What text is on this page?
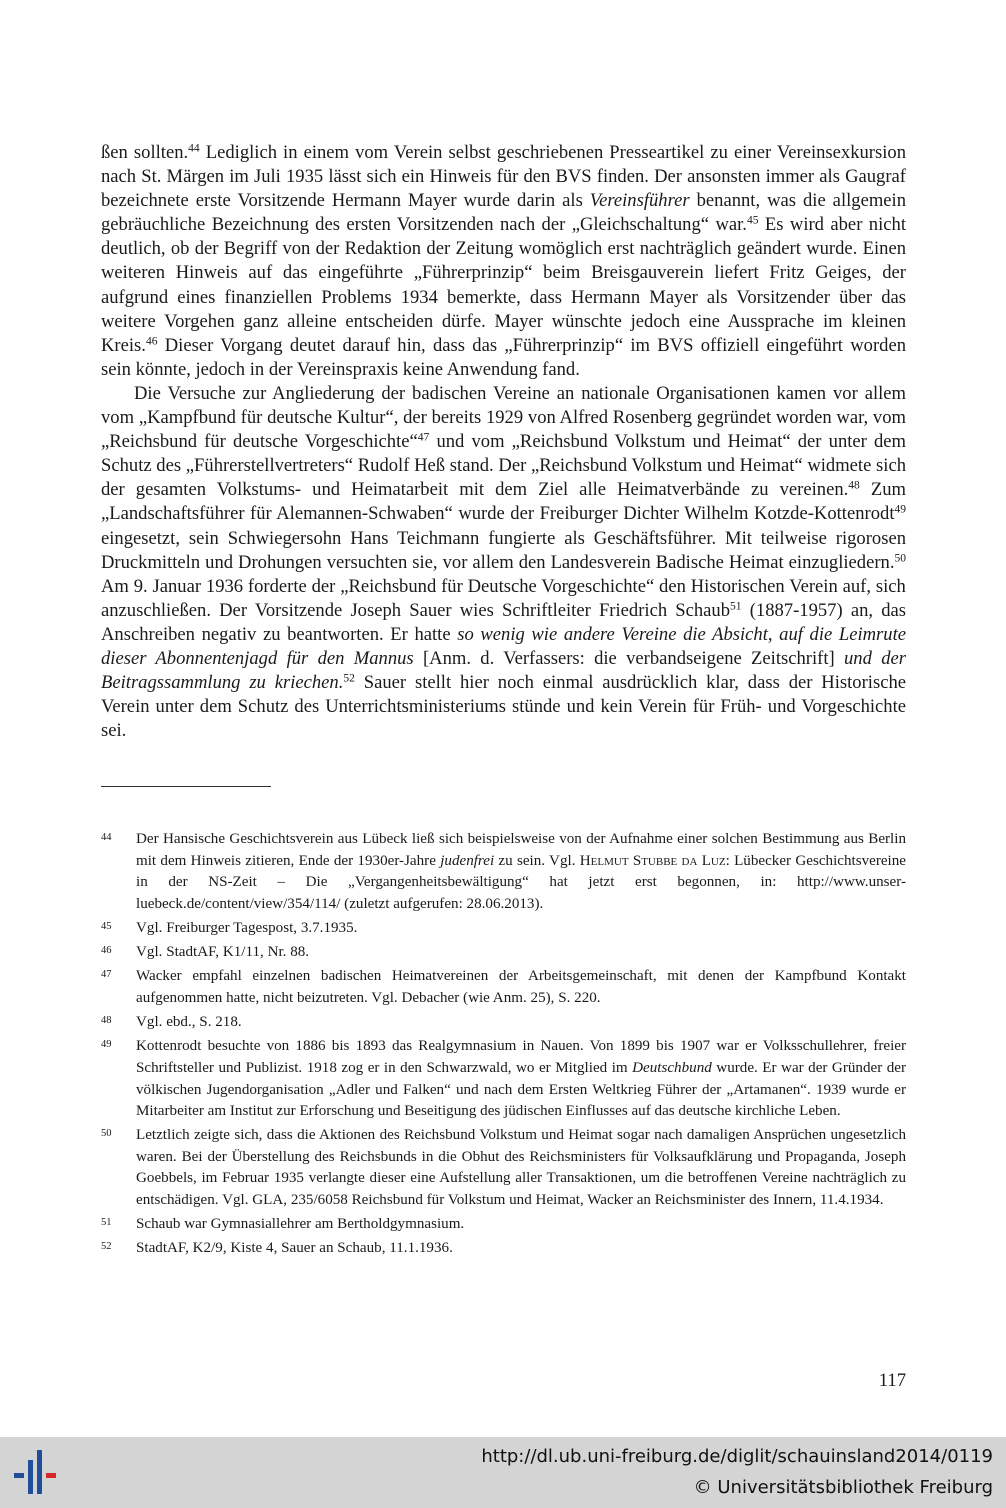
ßen sollten.$^{44}$ Lediglich in einem vom Verein selbst geschriebenen Presseartikel zu einer Vereinsexkursion nach St. Märgen im Juli 1935 lässt sich ein Hinweis für den BVS finden. Der ansonsten immer als Gaugraf bezeichnete erste Vorsitzende Hermann Mayer wurde darin als Vereinsführer benannt, was die allgemein gebräuchliche Bezeichnung des ersten Vorsitzenden nach der „Gleichschaltung“ war.$^{45}$ Es wird aber nicht deutlich, ob der Begriff von der Redaktion der Zeitung womöglich erst nachträglich geändert wurde. Einen weiteren Hinweis auf das eingeführte „Führerprinzip“ beim Breisgauverein liefert Fritz Geiges, der aufgrund eines finanziellen Problems 1934 bemerkte, dass Hermann Mayer als Vorsitzender über das weitere Vorgehen ganz alleine entscheiden dürfe. Mayer wünschte jedoch eine Aussprache im kleinen Kreis.$^{46}$ Dieser Vorgang deutet darauf hin, dass das „Führerprinzip“ im BVS offiziell eingeführt worden sein könnte, jedoch in der Vereinspraxis keine Anwendung fand.

Die Versuche zur Angliederung der badischen Vereine an nationale Organisationen kamen vor allem vom „Kampfbund für deutsche Kultur“, der bereits 1929 von Alfred Rosenberg gegründet worden war, vom „Reichsbund für deutsche Vorgeschichte“$^{47}$ und vom „Reichsbund Volkstum und Heimat“ der unter dem Schutz des „Führerstellvertreters“ Rudolf Heß stand. Der „Reichsbund Volkstum und Heimat“ widmete sich der gesamten Volkstums- und Heimatarbeit mit dem Ziel alle Heimatverbände zu vereinen.$^{48}$ Zum „Landschaftsführer für Alemannen-Schwaben“ wurde der Freiburger Dichter Wilhelm Kotzde-Kottenrodt$^{49}$ eingesetzt, sein Schwiegersohn Hans Teichmann fungierte als Geschäftsführer. Mit teilweise rigorosen Druckmitteln und Drohungen versuchten sie, vor allem den Landesverein Badische Heimat einzugliedern.$^{50}$ Am 9. Januar 1936 forderte der „Reichsbund für Deutsche Vorgeschichte“ den Historischen Verein auf, sich anzuschließen. Der Vorsitzende Joseph Sauer wies Schriftleiter Friedrich Schaub$^{51}$ (1887-1957) an, das Anschreiben negativ zu beantworten. Er hatte so wenig wie andere Vereine die Absicht, auf die Leimrute dieser Abonnentenjagd für den Mannus [Anm. d. Verfassers: die verbandseigene Zeitschrift] und der Beitragssammlung zu kriechen.$^{52}$ Sauer stellt hier noch einmal ausdrücklich klar, dass der Historische Verein unter dem Schutz des Unterrichtsministeriums stünde und kein Verein für Früh- und Vorgeschichte sei.

44 Der Hansische Geschichtsverein aus Lübeck ließ sich beispielsweise von der Aufnahme einer solchen Bestimmung aus Berlin mit dem Hinweis zitieren, Ende der 1930er-Jahre judenfrei zu sein. Vgl. Helmut Stubbe da Luz: Lübecker Geschichtsvereine in der NS-Zeit – Die „Vergangenheitsbewältigung“ hat jetzt erst begonnen, in: http://www.unser-luebeck.de/content/view/354/114/ (zuletzt aufgerufen: 28.06.2013).
45 Vgl. Freiburger Tagespost, 3.7.1935.
46 Vgl. StadtAF, K1/11, Nr. 88.
47 Wacker empfahl einzelnen badischen Heimatvereinen der Arbeitsgemeinschaft, mit denen der Kampfbund Kontakt aufgenommen hatte, nicht beizutreten. Vgl. Debacher (wie Anm. 25), S. 220.
48 Vgl. ebd., S. 218.
49 Kottenrodt besuchte von 1886 bis 1893 das Realgymnasium in Nauen. Von 1899 bis 1907 war er Volksschullehrer, freier Schriftsteller und Publizist. 1918 zog er in den Schwarzwald, wo er Mitglied im Deutschbund wurde. Er war der Gründer der völkischen Jugendorganisation „Adler und Falken“ und nach dem Ersten Weltkrieg Führer der „Artamanen“. 1939 wurde er Mitarbeiter am Institut zur Erforschung und Beseitigung des jüdischen Einflusses auf das deutsche kirchliche Leben.
50 Letztlich zeigte sich, dass die Aktionen des Reichsbund Volkstum und Heimat sogar nach damaligen Ansprüchen ungesetzlich waren. Bei der Überstellung des Reichsbunds in die Obhut des Reichsministers für Volksaufklärung und Propaganda, Joseph Goebbels, im Februar 1935 verlangte dieser eine Aufstellung aller Transaktionen, um die betroffenen Vereine nachträglich zu entschädigen. Vgl. GLA, 235/6058 Reichsbund für Volkstum und Heimat, Wacker an Reichsminister des Innern, 11.4.1934.
51 Schaub war Gymnasiallehrer am Bertholdgymnasium.
52 StadtAF, K2/9, Kiste 4, Sauer an Schaub, 11.1.1936.
117
http://dl.ub.uni-freiburg.de/diglit/schauinsland2014/0119
© Universitätsbibliothek Freiburg
